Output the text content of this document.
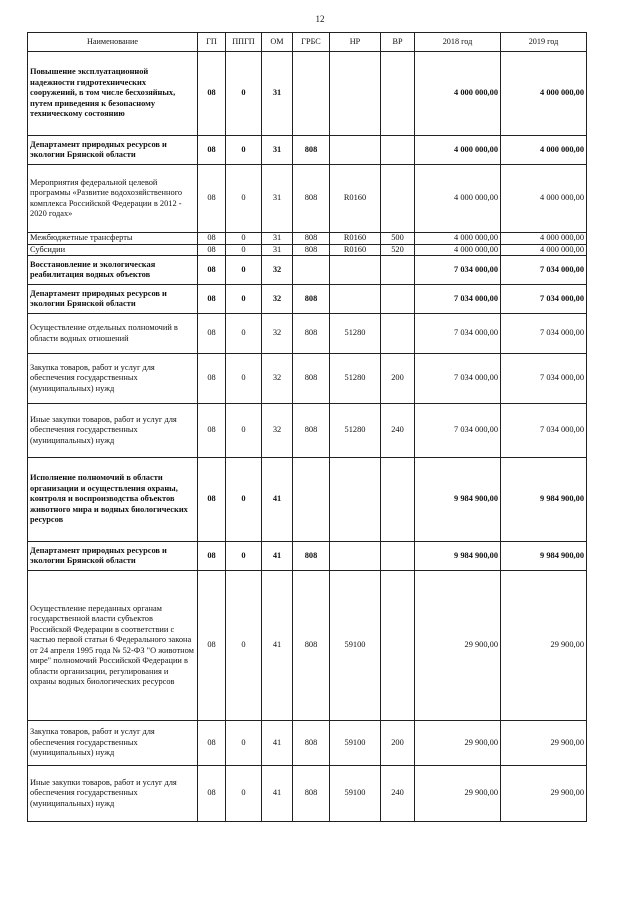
12
Наименование	ГП	ППГП	ОМ	ГРБС	НР	ВР	2018 год	2019 год
Повышение эксплуатационной надежности гидротехнических сооружений, в том числе бесхозяйных, путем приведения к безопасному техническому состоянию	08	0	31				4 000 000,00	4 000 000,00
Департамент природных ресурсов и экологии Брянской области	08	0	31	808			4 000 000,00	4 000 000,00
Мероприятия федеральной целевой программы «Развитие водохозяйственного комплекса Российской Федерации в 2012 - 2020 годах»	08	0	31	808	R0160		4 000 000,00	4 000 000,00
Межбюджетные трансферты	08	0	31	808	R0160	500	4 000 000,00	4 000 000,00
Субсидии	08	0	31	808	R0160	520	4 000 000,00	4 000 000,00
Восстановление и экологическая реабилитация водных объектов	08	0	32				7 034 000,00	7 034 000,00
Департамент природных ресурсов и экологии Брянской области	08	0	32	808			7 034 000,00	7 034 000,00
Осуществление отдельных полномочий в области водных отношений	08	0	32	808	51280		7 034 000,00	7 034 000,00
Закупка товаров, работ и услуг для обеспечения государственных (муниципальных) нужд	08	0	32	808	51280	200	7 034 000,00	7 034 000,00
Иные закупки товаров, работ и услуг для обеспечения государственных (муниципальных) нужд	08	0	32	808	51280	240	7 034 000,00	7 034 000,00
Исполнение полномочий в области организации и осуществления охраны, контроля и воспроизводства объектов животного мира и водных биологических ресурсов	08	0	41				9 984 900,00	9 984 900,00
Департамент природных ресурсов и экологии Брянской области	08	0	41	808			9 984 900,00	9 984 900,00
Осуществление переданных органам государственной власти субъектов Российской Федерации в соответствии с частью первой статьи 6 Федерального закона от 24 апреля 1995 года № 52-ФЗ "О животном мире" полномочий Российской Федерации в области организации, регулирования и охраны водных биологических ресурсов	08	0	41	808	59100		29 900,00	29 900,00
Закупка товаров, работ и услуг для обеспечения государственных (муниципальных) нужд	08	0	41	808	59100	200	29 900,00	29 900,00
Иные закупки товаров, работ и услуг для обеспечения государственных (муниципальных) нужд	08	0	41	808	59100	240	29 900,00	29 900,00
